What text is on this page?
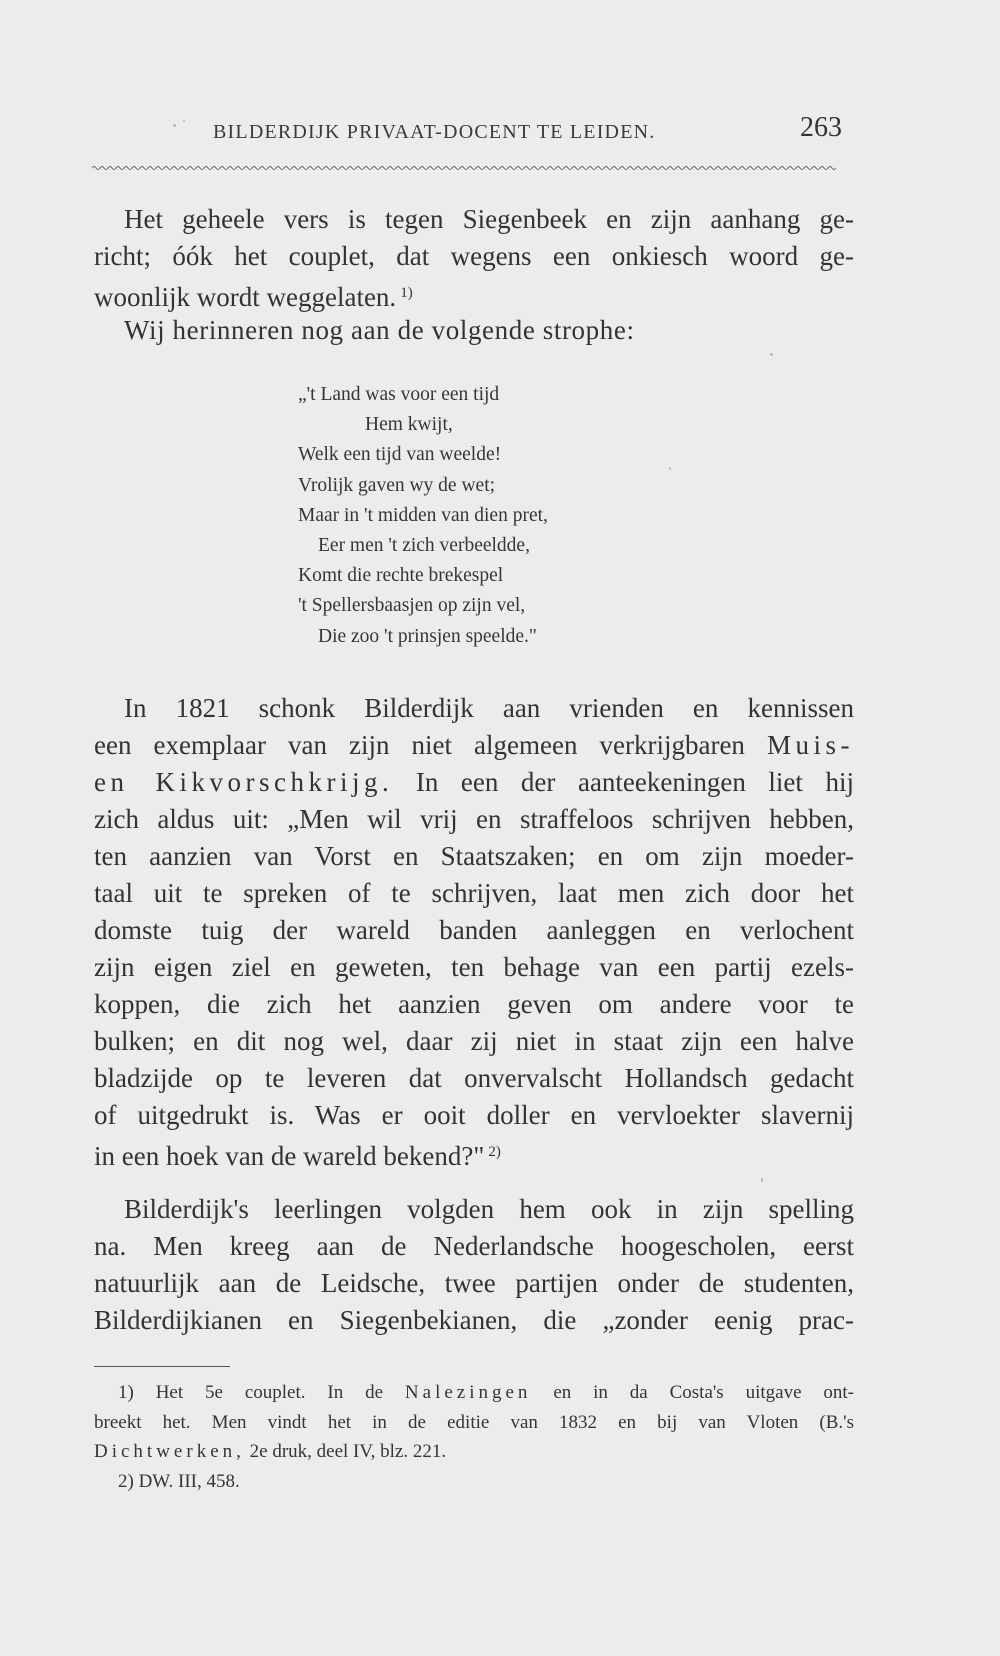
BILDERDIJK PRIVAAT-DOCENT TE LEIDEN.	263
Het geheele vers is tegen Siegenbeek en zijn aanhang ge-
richt; óók het couplet, dat wegens een onkiesch woord ge-
woonlijk wordt weggelaten. $^{1)}$
Wij herinneren nog aan de volgende strophe:
„'t Land was voor een tijd
Hem kwijt,
Welk een tijd van weelde!
Vrolijk gaven wy de wet;
Maar in 't midden van dien pret,
Eer men 't zich verbeeldde,
Komt die rechte brekespel
't Spellersbaasjen op zijn vel,
Die zoo 't prinsjen speelde."
In 1821 schonk Bilderdijk aan vrienden en kennissen
een exemplaar van zijn niet algemeen verkrijgbaren Muis-
en Kikvorschkrijg. In een der aanteekeningen liet hij
zich aldus uit: „Men wil vrij en straffeloos schrijven hebben,
ten aanzien van Vorst en Staatszaken; en om zijn moeder-
taal uit te spreken of te schrijven, laat men zich door het
domste tuig der wareld banden aanleggen en verlochent
zijn eigen ziel en geweten, ten behage van een partij ezels-
koppen, die zich het aanzien geven om andere voor te
bulken; en dit nog wel, daar zij niet in staat zijn een halve
bladzijde op te leveren dat onvervalscht Hollandsch gedacht
of uitgedrukt is. Was er ooit doller en vervloekter slavernij
in een hoek van de wareld bekend?" $^{2)}$
Bilderdijk's leerlingen volgden hem ook in zijn spelling
na. Men kreeg aan de Nederlandsche hoogescholen, eerst
natuurlijk aan de Leidsche, twee partijen onder de studenten,
Bilderdijkianen en Siegenbekianen, die „zonder eenig prac-
1) Het 5e couplet. In de Nalezingen en in da Costa's uitgave ont-
breekt het. Men vindt het in de editie van 1832 en bij van Vloten (B.'s
Dichtwerken, 2e druk, deel IV, blz. 221.
2) DW. III, 458.
